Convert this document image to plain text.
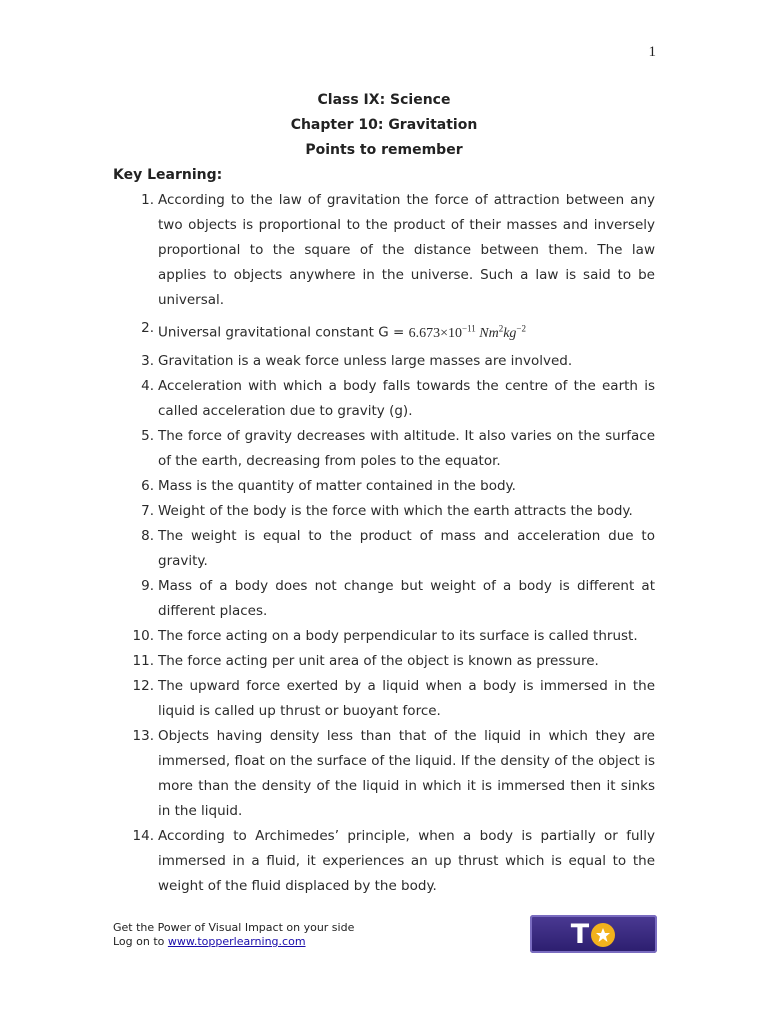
1
Class IX: Science
Chapter 10: Gravitation
Points to remember
Key Learning:
1. According to the law of gravitation the force of attraction between any two objects is proportional to the product of their masses and inversely proportional to the square of the distance between them. The law applies to objects anywhere in the universe. Such a law is said to be universal.
2. Universal gravitational constant $G = 6.673\times 10^{-11}$ $Nm^2kg^{-2}$
3. Gravitation is a weak force unless large masses are involved.
4. Acceleration with which a body falls towards the centre of the earth is called acceleration due to gravity (g).
5. The force of gravity decreases with altitude. It also varies on the surface of the earth, decreasing from poles to the equator.
6. Mass is the quantity of matter contained in the body.
7. Weight of the body is the force with which the earth attracts the body.
8. The weight is equal to the product of mass and acceleration due to gravity.
9. Mass of a body does not change but weight of a body is different at different places.
10. The force acting on a body perpendicular to its surface is called thrust.
11. The force acting per unit area of the object is known as pressure.
12. The upward force exerted by a liquid when a body is immersed in the liquid is called up thrust or buoyant force.
13. Objects having density less than that of the liquid in which they are immersed, float on the surface of the liquid. If the density of the object is more than the density of the liquid in which it is immersed then it sinks in the liquid.
14. According to Archimedes’ principle, when a body is partially or fully immersed in a fluid, it experiences an up thrust which is equal to the weight of the fluid displaced by the body.
Get the Power of Visual Impact on your side
Log on to www.topperlearning.com	T
PPER
